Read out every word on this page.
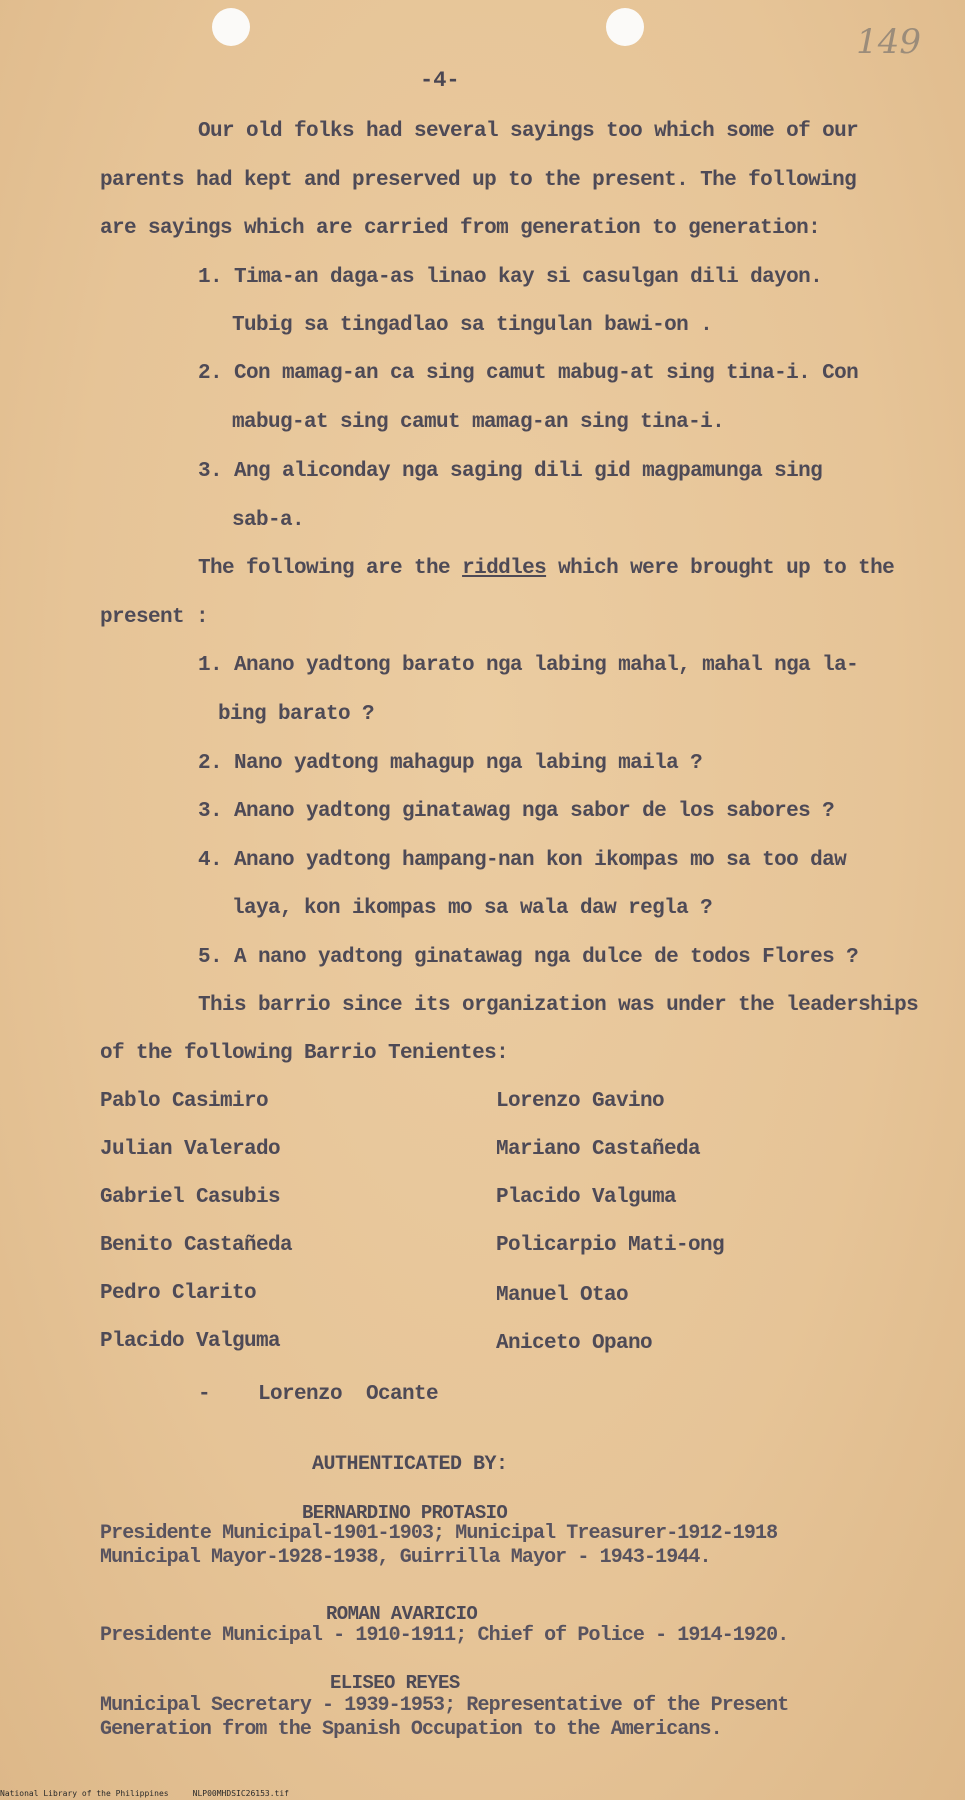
149
-4-
Our old folks had several sayings too which some of our
parents had kept and preserved up to the present. The following
are sayings which are carried from generation to generation:
1. Tima-an daga-as linao kay si casulgan dili dayon.
Tubig sa tingadlao sa tingulan bawi-on .
2. Con mamag-an ca sing camut mabug-at sing tina-i. Con
mabug-at sing camut mamag-an sing tina-i.
3. Ang aliconday nga saging dili gid magpamunga sing
sab-a.
The following are the riddles which were brought up to the
present :
1. Anano yadtong barato nga labing mahal, mahal nga la-
bing barato ?
2. Nano yadtong mahagup nga labing maila ?
3. Anano yadtong ginatawag nga sabor de los sabores ?
4. Anano yadtong hampang-nan kon ikompas mo sa too daw
laya, kon ikompas mo sa wala daw regla ?
5. A nano yadtong ginatawag nga dulce de todos Flores ?
This barrio since its organization was under the leaderships
of the following Barrio Tenientes:
Pablo Casimiro
Julian Valerado
Gabriel Casubis
Benito Castañeda
Pedro Clarito
Placido Valguma
Lorenzo Gavino
Mariano Castañeda
Placido Valguma
Policarpio Mati-ong
Manuel Otao
Aniceto Opano
-    Lorenzo  Ocante
AUTHENTICATED BY:
BERNARDINO PROTASIO
Presidente Municipal-1901-1903; Municipal Treasurer-1912-1918
Municipal Mayor-1928-1938, Guirrilla Mayor - 1943-1944.
ROMAN AVARICIO
Presidente Municipal - 1910-1911; Chief of Police - 1914-1920.
ELISEO REYES
Municipal Secretary - 1939-1953; Representative of the Present
Generation from the Spanish Occupation to the Americans.
National Library of the Philippines     NLP00MHDSIC26153.tif
